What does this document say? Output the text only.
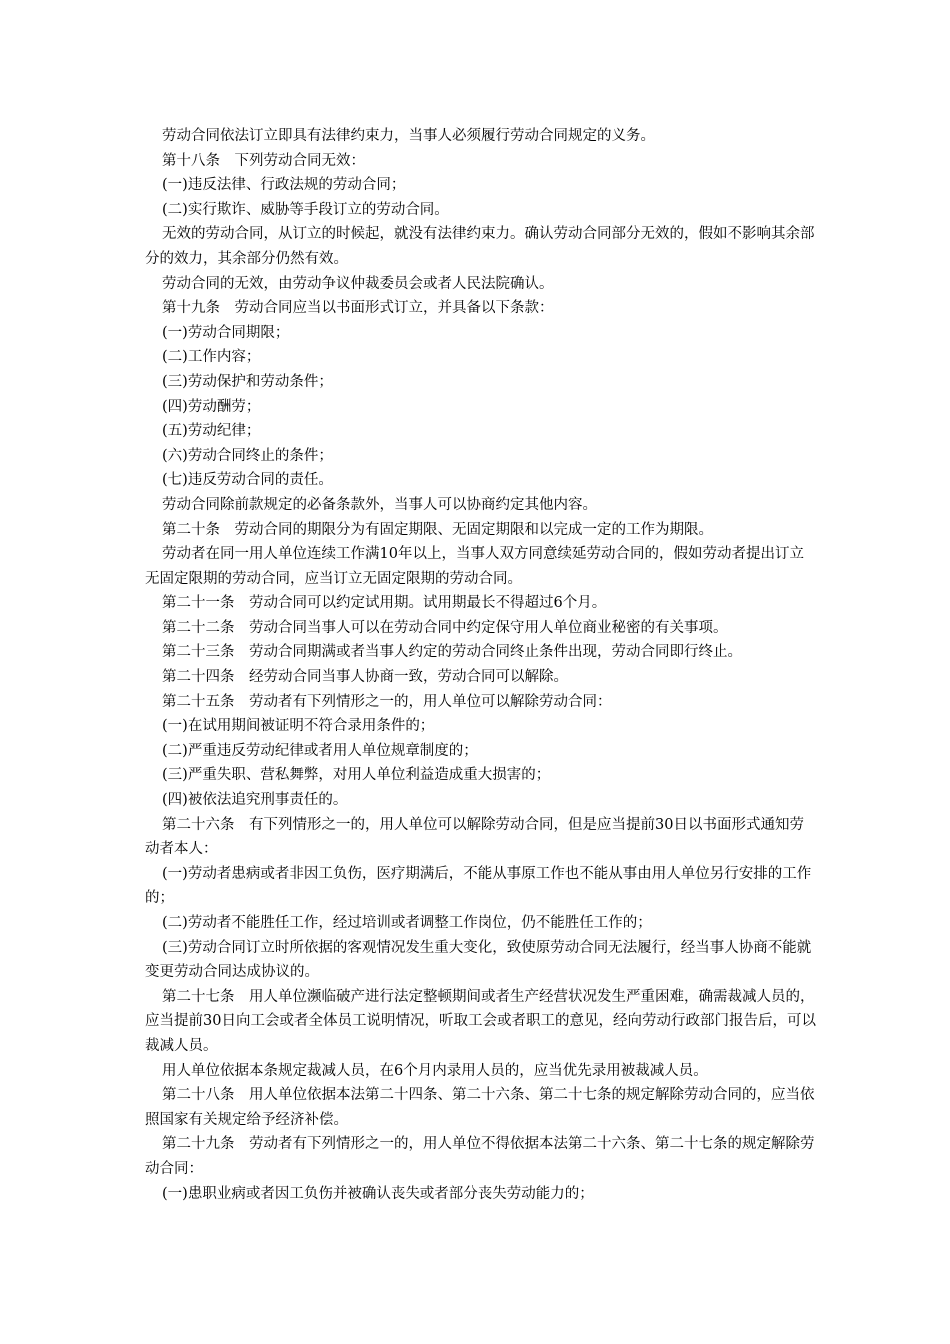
劳动合同依法订立即具有法律约束力，当事人必须履行劳动合同规定的义务。

第十八条　下列劳动合同无效：

(一)违反法律、行政法规的劳动合同；

(二)实行欺诈、威胁等手段订立的劳动合同。

无效的劳动合同，从订立的时候起，就没有法律约束力。确认劳动合同部分无效的，假如不影响其余部分的效力，其余部分仍然有效。

劳动合同的无效，由劳动争议仲裁委员会或者人民法院确认。

第十九条　劳动合同应当以书面形式订立，并具备以下条款：

(一)劳动合同期限；

(二)工作内容；

(三)劳动保护和劳动条件；

(四)劳动酬劳；

(五)劳动纪律；

(六)劳动合同终止的条件；

(七)违反劳动合同的责任。

劳动合同除前款规定的必备条款外，当事人可以协商约定其他内容。

第二十条　劳动合同的期限分为有固定期限、无固定期限和以完成一定的工作为期限。

劳动者在同一用人单位连续工作满10年以上，当事人双方同意续延劳动合同的，假如劳动者提出订立无固定限期的劳动合同，应当订立无固定限期的劳动合同。

第二十一条　劳动合同可以约定试用期。试用期最长不得超过6个月。

第二十二条　劳动合同当事人可以在劳动合同中约定保守用人单位商业秘密的有关事项。

第二十三条　劳动合同期满或者当事人约定的劳动合同终止条件出现，劳动合同即行终止。

第二十四条　经劳动合同当事人协商一致，劳动合同可以解除。

第二十五条　劳动者有下列情形之一的，用人单位可以解除劳动合同：

(一)在试用期间被证明不符合录用条件的；

(二)严重违反劳动纪律或者用人单位规章制度的；

(三)严重失职、营私舞弊，对用人单位利益造成重大损害的；

(四)被依法追究刑事责任的。

第二十六条　有下列情形之一的，用人单位可以解除劳动合同，但是应当提前30日以书面形式通知劳动者本人：

(一)劳动者患病或者非因工负伤，医疗期满后，不能从事原工作也不能从事由用人单位另行安排的工作的；

(二)劳动者不能胜任工作，经过培训或者调整工作岗位，仍不能胜任工作的；

(三)劳动合同订立时所依据的客观情况发生重大变化，致使原劳动合同无法履行，经当事人协商不能就变更劳动合同达成协议的。

第二十七条　用人单位濒临破产进行法定整顿期间或者生产经营状况发生严重困难，确需裁减人员的，应当提前30日向工会或者全体员工说明情况，听取工会或者职工的意见，经向劳动行政部门报告后，可以裁减人员。

用人单位依据本条规定裁减人员，在6个月内录用人员的，应当优先录用被裁减人员。

第二十八条　用人单位依据本法第二十四条、第二十六条、第二十七条的规定解除劳动合同的，应当依照国家有关规定给予经济补偿。

第二十九条　劳动者有下列情形之一的，用人单位不得依据本法第二十六条、第二十七条的规定解除劳动合同：

(一)患职业病或者因工负伤并被确认丧失或者部分丧失劳动能力的；
